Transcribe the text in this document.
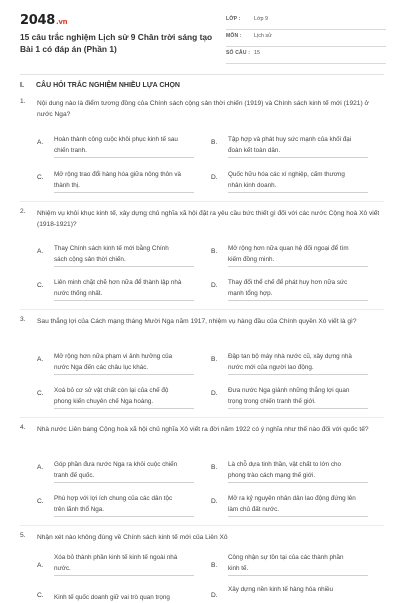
2048.vn
15 câu trắc nghiệm Lịch sử 9 Chân trời sáng tạo Bài 1 có đáp án (Phần 1)
LỚP : Lớp 9
MÔN : Lịch sử
SỐ CÂU : 15
I. CÂU HỎI TRẮC NGHIỆM NHIỀU LỰA CHỌN
1. Nội dung nào là điểm tương đồng của Chính sách cộng sản thời chiến (1919) và Chính sách kinh tế mới (1921) ở nước Nga?
A. Hoàn thành công cuộc khôi phục kinh tế sau chiến tranh.
B. Tập hợp và phát huy sức mạnh của khối đại đoàn kết toàn dân.
C. Mở rộng trao đổi hàng hóa giữa nông thôn và thành thị.
D. Quốc hữu hóa các xí nghiệp, cấm thương nhân kinh doanh.
2. Nhiệm vụ khôi khục kinh tế, xây dựng chủ nghĩa xã hội đặt ra yêu cầu bức thiết gì đối với các nước Cộng hoà Xô viết (1918-1921)?
A. Thay Chính sách kinh tế mới bằng Chính sách cộng sản thời chiến.
B. Mở rộng hơn nữa quan hệ đối ngoại để tìm kiếm đồng minh.
C. Liên minh chặt chẽ hơn nữa để thành lập nhà nước thống nhất.
D. Thay đổi thể chế để phát huy hơn nữa sức mạnh tổng hợp.
3. Sau thắng lợi của Cách mạng tháng Mười Nga năm 1917, nhiệm vụ hàng đầu của Chính quyền Xô viết là gì?
A. Mở rộng hơn nữa phạm vi ảnh hưởng của nước Nga đến các châu lục khác.
B. Đập tan bộ máy nhà nước cũ, xây dựng nhà nước mới của người lao động.
C. Xoá bỏ cơ sở vật chất còn lại của chế độ phong kiến chuyên chế Nga hoàng.
D. Đưa nước Nga giành những thắng lợi quan trọng trong chiến tranh thế giới.
4. Nhà nước Liên bang Cộng hoà xã hội chủ nghĩa Xô viết ra đời năm 1922 có ý nghĩa như thế nào đối với quốc tế?
A. Góp phần đưa nước Nga ra khỏi cuộc chiến tranh đế quốc.
B. Là chỗ dựa tinh thần, vật chất to lớn cho phong trào cách mạng thế giới.
C. Phù hợp với lợi ích chung của các dân tộc trên lãnh thổ Nga.
D. Mở ra kỷ nguyên nhân dân lao động đứng lên làm chủ đất nước.
5. Nhận xét nào không đúng về Chính sách kinh tế mới của Liên Xô
A.
Xóa bỏ thành phần kinh tế kinh tế ngoài nhà nước.	B.
Công nhận sự tồn tại của các thành phần kinh tế.
C. Kinh tế quốc doanh giữ vai trò quan trọng	D.
Xây dựng nền kinh tế hàng hóa nhiều
